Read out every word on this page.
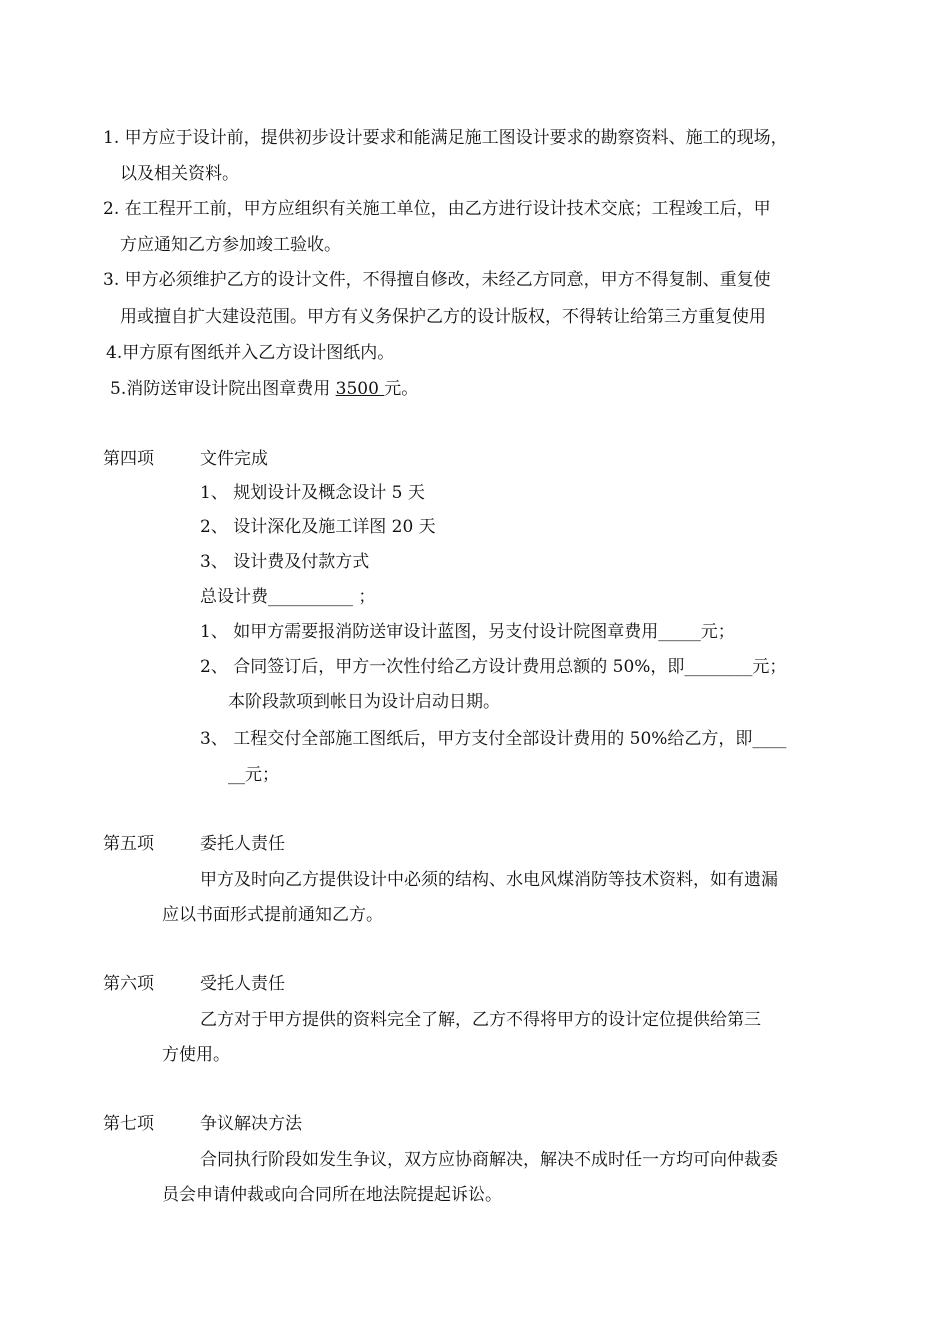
1. 甲方应于设计前，提供初步设计要求和能满足施工图设计要求的勘察资料、施工的现场，
以及相关资料。
2. 在工程开工前，甲方应组织有关施工单位，由乙方进行设计技术交底；工程竣工后，甲
方应通知乙方参加竣工验收。
3. 甲方必须维护乙方的设计文件，不得擅自修改，未经乙方同意，甲方不得复制、重复使
用或擅自扩大建设范围。甲方有义务保护乙方的设计版权，不得转让给第三方重复使用
4.甲方原有图纸并入乙方设计图纸内。
5.消防送审设计院出图章费用 3500 元。
第四项	文件完成
1、 规划设计及概念设计 5 天
2、 设计深化及施工详图 20 天
3、 设计费及付款方式
总设计费__________ ；
1、 如甲方需要报消防送审设计蓝图，另支付设计院图章费用_____元；
2、 合同签订后，甲方一次性付给乙方设计费用总额的 50%，即________元；
本阶段款项到帐日为设计启动日期。
3、 工程交付全部施工图纸后，甲方支付全部设计费用的 50%给乙方，即____
__元；
第五项	委托人责任
甲方及时向乙方提供设计中必须的结构、水电风煤消防等技术资料，如有遗漏
应以书面形式提前通知乙方。
第六项	受托人责任
乙方对于甲方提供的资料完全了解，乙方不得将甲方的设计定位提供给第三
方使用。
第七项	争议解决方法
合同执行阶段如发生争议，双方应协商解决，解决不成时任一方均可向仲裁委
员会申请仲裁或向合同所在地法院提起诉讼。
